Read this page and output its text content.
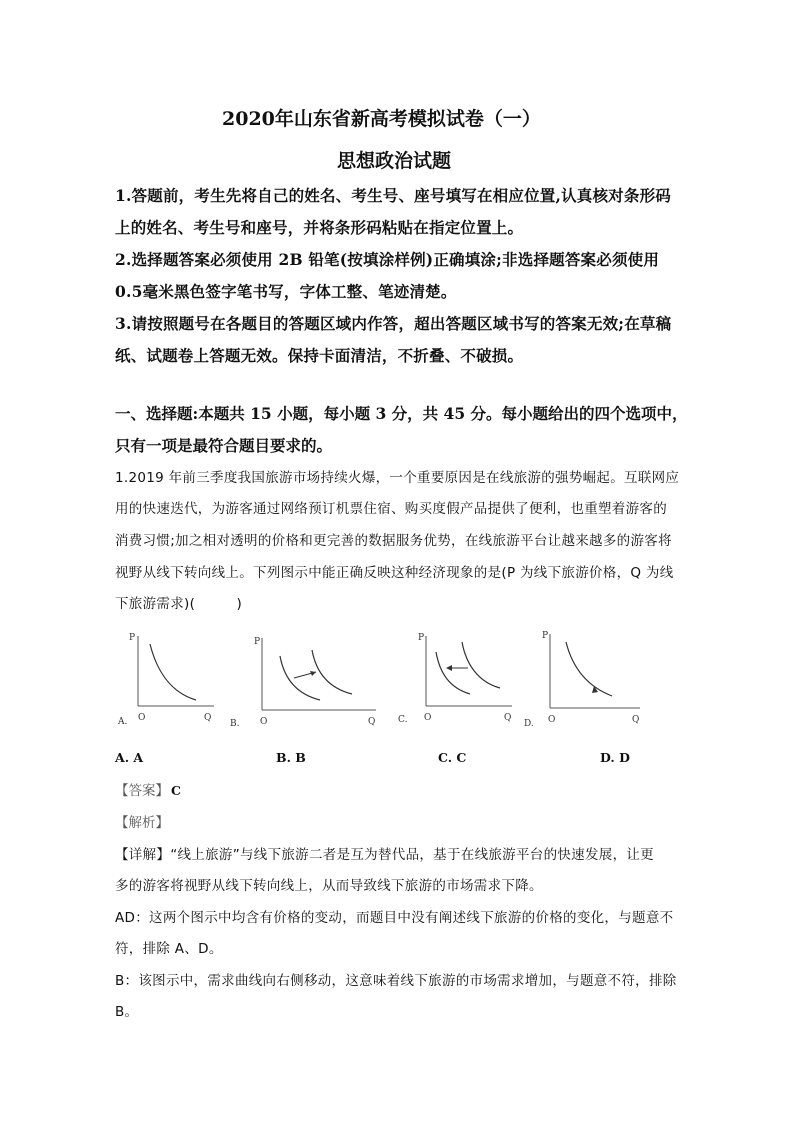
2020年山东省新高考模拟试卷（一）
思想政治试题
1.答题前，考生先将自己的姓名、考生号、座号填写在相应位置,认真核对条形码
上的姓名、考生号和座号，并将条形码粘贴在指定位置上。
2.选择题答案必须使用 2B 铅笔(按填涂样例)正确填涂;非选择题答案必须使用
0.5毫米黑色签字笔书写，字体工整、笔迹清楚。
3.请按照题号在各题目的答题区域内作答，超出答题区域书写的答案无效;在草稿
纸、试题卷上答题无效。保持卡面清洁，不折叠、不破损。
一、选择题:本题共 15 小题，每小题 3 分，共 45 分。每小题给出的四个选项中，
只有一项是最符合题目要求的。
1.2019 年前三季度我国旅游市场持续火爆，一个重要原因是在线旅游的强势崛起。互联网应
用的快速迭代，为游客通过网络预订机票住宿、购买度假产品提供了便利，也重塑着游客的
消费习惯;加之相对透明的价格和更完善的数据服务优势，在线旅游平台让越来越多的游客将
视野从线下转向线上。下列图示中能正确反映这种经济现象的是(P 为线下旅游价格，Q 为线
下旅游需求)(　　　)
P
O	Q
A.
P
O	Q
B.
P
O	Q
C.
P
O	Q
D.
A. A	B. B	C. C	D. D
【答案】 C
【解析】
【详解】“线上旅游”与线下旅游二者是互为替代品，基于在线旅游平台的快速发展，让更
多的游客将视野从线下转向线上，从而导致线下旅游的市场需求下降。
AD：这两个图示中均含有价格的变动，而题目中没有阐述线下旅游的价格的变化，与题意不
符，排除 A、D。
B：该图示中，需求曲线向右侧移动，这意味着线下旅游的市场需求增加，与题意不符，排除
B。
